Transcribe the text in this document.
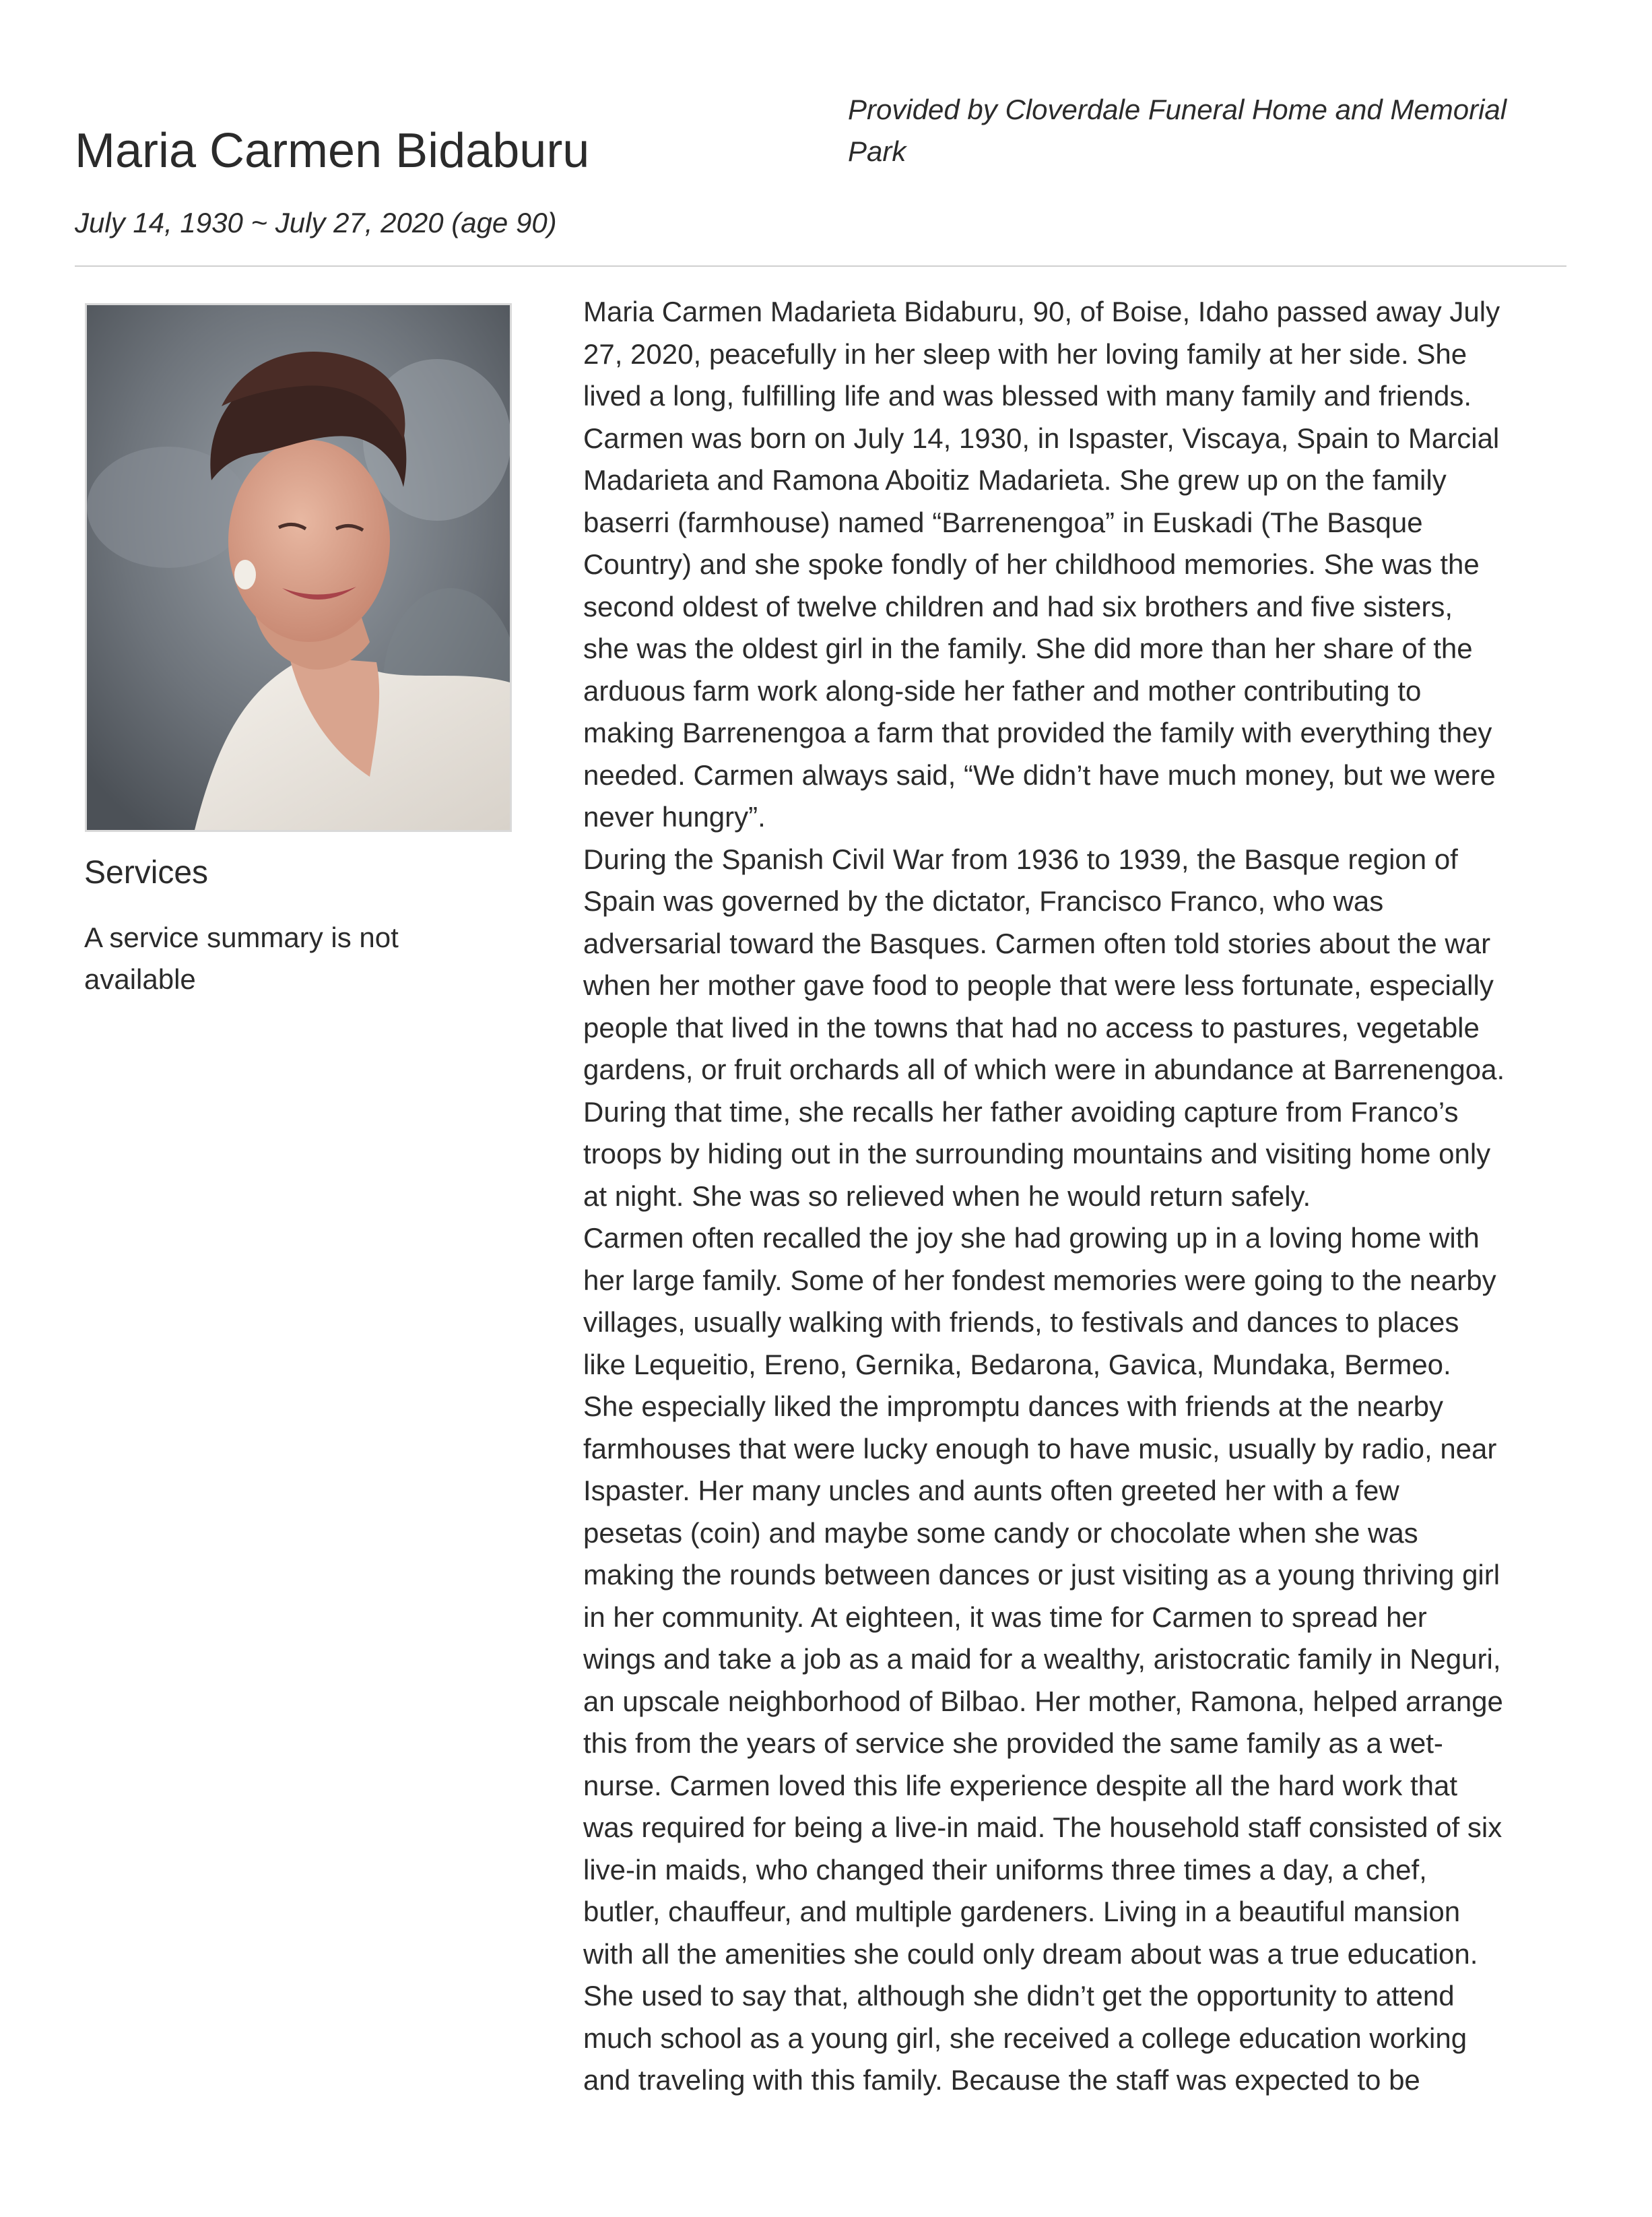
Maria Carmen Bidaburu
July 14, 1930 ~ July 27, 2020 (age 90)
Provided by Cloverdale Funeral Home and Memorial
Park
Services
A service summary is not
available
Maria Carmen Madarieta Bidaburu, 90, of Boise, Idaho passed away July
27, 2020, peacefully in her sleep with her loving family at her side. She
lived a long, fulfilling life and was blessed with many family and friends.
Carmen was born on July 14, 1930, in Ispaster, Viscaya, Spain to Marcial
Madarieta and Ramona Aboitiz Madarieta. She grew up on the family
baserri (farmhouse) named “Barrenengoa” in Euskadi (The Basque
Country) and she spoke fondly of her childhood memories. She was the
second oldest of twelve children and had six brothers and five sisters,
she was the oldest girl in the family. She did more than her share of the
arduous farm work along-side her father and mother contributing to
making Barrenengoa a farm that provided the family with everything they
needed. Carmen always said, “We didn’t have much money, but we were
never hungry”.
During the Spanish Civil War from 1936 to 1939, the Basque region of
Spain was governed by the dictator, Francisco Franco, who was
adversarial toward the Basques. Carmen often told stories about the war
when her mother gave food to people that were less fortunate, especially
people that lived in the towns that had no access to pastures, vegetable
gardens, or fruit orchards all of which were in abundance at Barrenengoa.
During that time, she recalls her father avoiding capture from Franco’s
troops by hiding out in the surrounding mountains and visiting home only
at night. She was so relieved when he would return safely.
Carmen often recalled the joy she had growing up in a loving home with
her large family. Some of her fondest memories were going to the nearby
villages, usually walking with friends, to festivals and dances to places
like Lequeitio, Ereno, Gernika, Bedarona, Gavica, Mundaka, Bermeo.
She especially liked the impromptu dances with friends at the nearby
farmhouses that were lucky enough to have music, usually by radio, near
Ispaster. Her many uncles and aunts often greeted her with a few
pesetas (coin) and maybe some candy or chocolate when she was
making the rounds between dances or just visiting as a young thriving girl
in her community. At eighteen, it was time for Carmen to spread her
wings and take a job as a maid for a wealthy, aristocratic family in Neguri,
an upscale neighborhood of Bilbao. Her mother, Ramona, helped arrange
this from the years of service she provided the same family as a wet-
nurse. Carmen loved this life experience despite all the hard work that
was required for being a live-in maid. The household staff consisted of six
live-in maids, who changed their uniforms three times a day, a chef,
butler, chauffeur, and multiple gardeners. Living in a beautiful mansion
with all the amenities she could only dream about was a true education.
She used to say that, although she didn’t get the opportunity to attend
much school as a young girl, she received a college education working
and traveling with this family. Because the staff was expected to be
